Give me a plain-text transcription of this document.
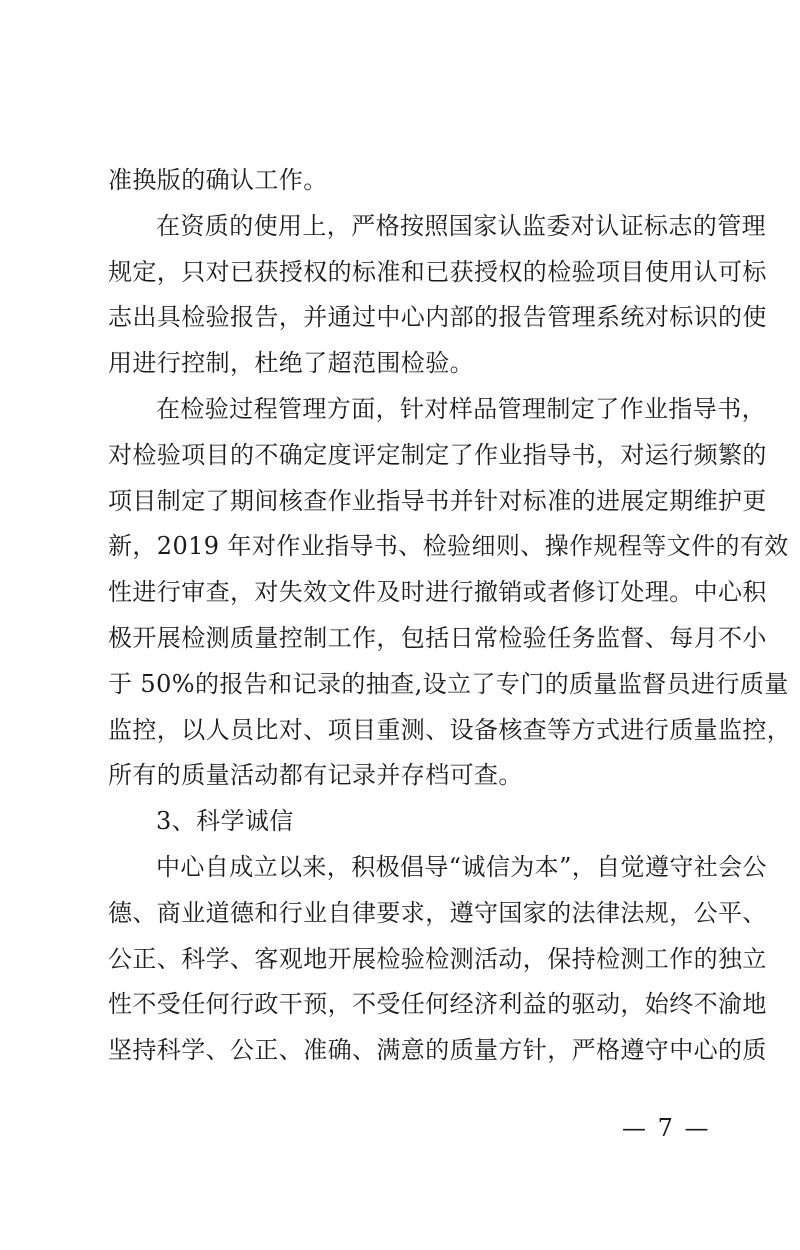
准换版的确认工作。
在资质的使用上，严格按照国家认监委对认证标志的管理
规定，只对已获授权的标准和已获授权的检验项目使用认可标
志出具检验报告，并通过中心内部的报告管理系统对标识的使
用进行控制，杜绝了超范围检验。
在检验过程管理方面，针对样品管理制定了作业指导书，
对检验项目的不确定度评定制定了作业指导书，对运行频繁的
项目制定了期间核查作业指导书并针对标准的进展定期维护更
新，2019 年对作业指导书、检验细则、操作规程等文件的有效
性进行审查，对失效文件及时进行撤销或者修订处理。中心积
极开展检测质量控制工作，包括日常检验任务监督、每月不小
于 50%的报告和记录的抽查,设立了专门的质量监督员进行质量
监控，以人员比对、项目重测、设备核查等方式进行质量监控，
所有的质量活动都有记录并存档可查。
3、科学诚信
中心自成立以来，积极倡导“诚信为本”，自觉遵守社会公
德、商业道德和行业自律要求，遵守国家的法律法规，公平、
公正、科学、客观地开展检验检测活动，保持检测工作的独立
性不受任何行政干预，不受任何经济利益的驱动，始终不渝地
坚持科学、公正、准确、满意的质量方针，严格遵守中心的质
— 7 —
